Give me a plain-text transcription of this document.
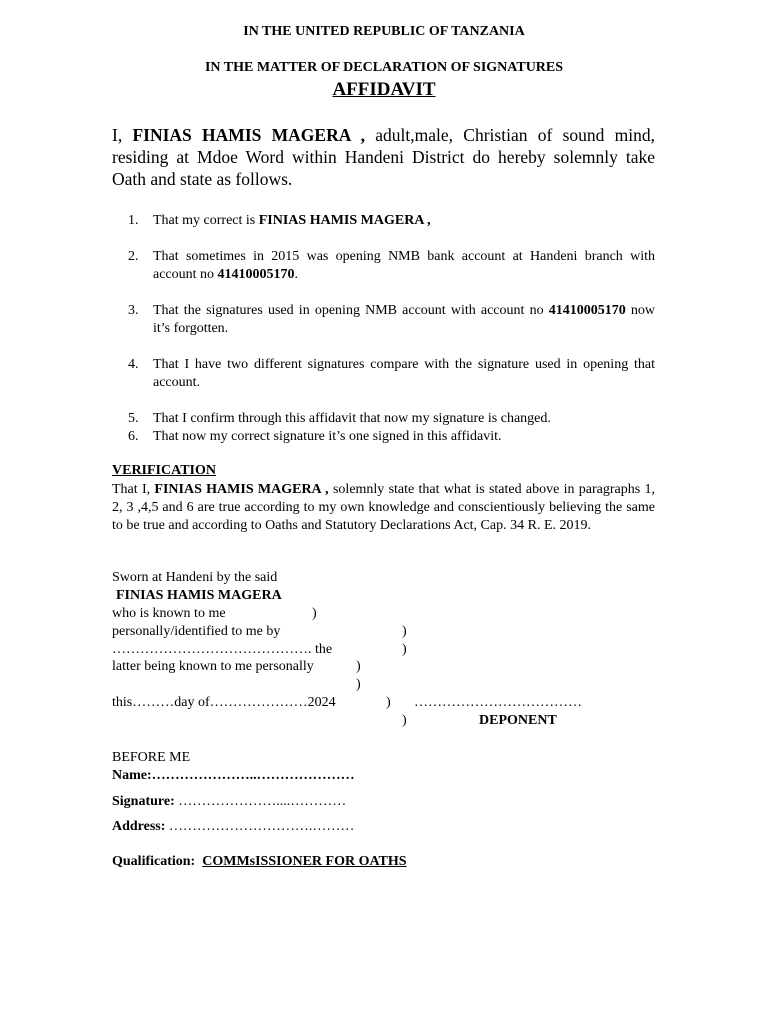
IN THE UNITED REPUBLIC OF TANZANIA
IN THE MATTER OF DECLARATION OF SIGNATURES
AFFIDAVIT
I, FINIAS HAMIS MAGERA , adult,male, Christian of sound mind, residing at Mdoe Word within Handeni District do hereby solemnly take Oath and state as follows.
1. That my correct is FINIAS HAMIS MAGERA ,
2. That sometimes in 2015 was opening NMB bank account at Handeni branch with account no 41410005170.
3. That the signatures used in opening NMB account with account no 41410005170 now it’s forgotten.
4. That I have two different signatures compare with the signature used in opening that account.
5. That I confirm through this affidavit that now my signature is changed.
6. That now my correct signature it’s one signed in this affidavit.
VERIFICATION
That I, FINIAS HAMIS MAGERA , solemnly state that what is stated above in paragraphs 1, 2, 3 ,4,5 and 6 are true according to my own knowledge and conscientiously believing the same to be true and according to Oaths and Statutory Declarations Act, Cap. 34 R. E. 2019.
Sworn at Handeni by the said
FINIAS HAMIS MAGERA
who is known to me	)
personally/identified to me by	)
……………………………………. the	)
latter being known to me personally	)
)
this………day of…………………2024	) ………………………………
)	DEPONENT
BEFORE ME
Name:…………………..…………………
Signature: …………………....…………
Address: ………………………….………
Qualification: COMMsISSIONER FOR OATHS
